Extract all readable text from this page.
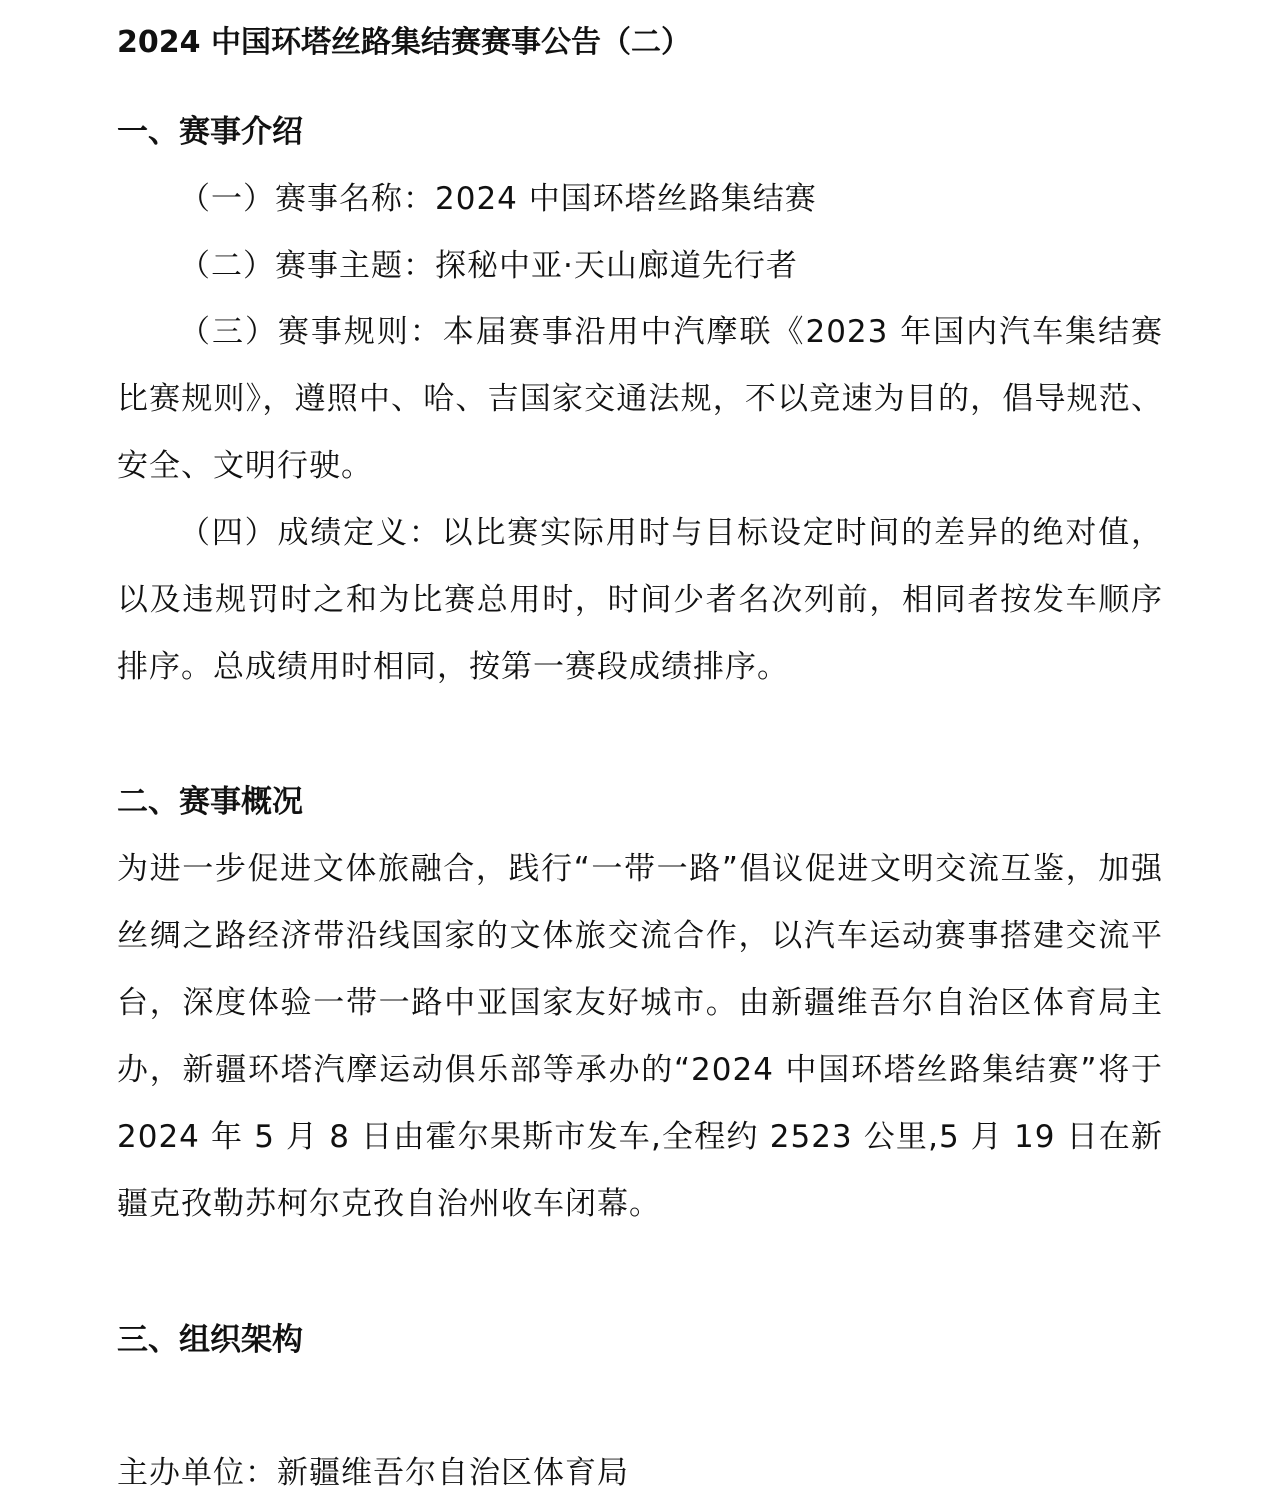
2024 中国环塔丝路集结赛赛事公告（二）
一、赛事介绍
（一）赛事名称：2024 中国环塔丝路集结赛
（二）赛事主题：探秘中亚·天山廊道先行者
（三）赛事规则：本届赛事沿用中汽摩联《2023 年国内汽车集结赛比赛规则》，遵照中、哈、吉国家交通法规，不以竞速为目的，倡导规范、安全、文明行驶。
（四）成绩定义：以比赛实际用时与目标设定时间的差异的绝对值，以及违规罚时之和为比赛总用时，时间少者名次列前，相同者按发车顺序排序。总成绩用时相同，按第一赛段成绩排序。
二、赛事概况
为进一步促进文体旅融合，践行“一带一路”倡议促进文明交流互鉴，加强丝绸之路经济带沿线国家的文体旅交流合作，以汽车运动赛事搭建交流平台，深度体验一带一路中亚国家友好城市。由新疆维吾尔自治区体育局主办，新疆环塔汽摩运动俱乐部等承办的“2024 中国环塔丝路集结赛”将于 2024 年 5 月 8 日由霍尔果斯市发车,全程约 2523 公里,5 月 19 日在新疆克孜勒苏柯尔克孜自治州收车闭幕。
三、组织架构
主办单位：新疆维吾尔自治区体育局
